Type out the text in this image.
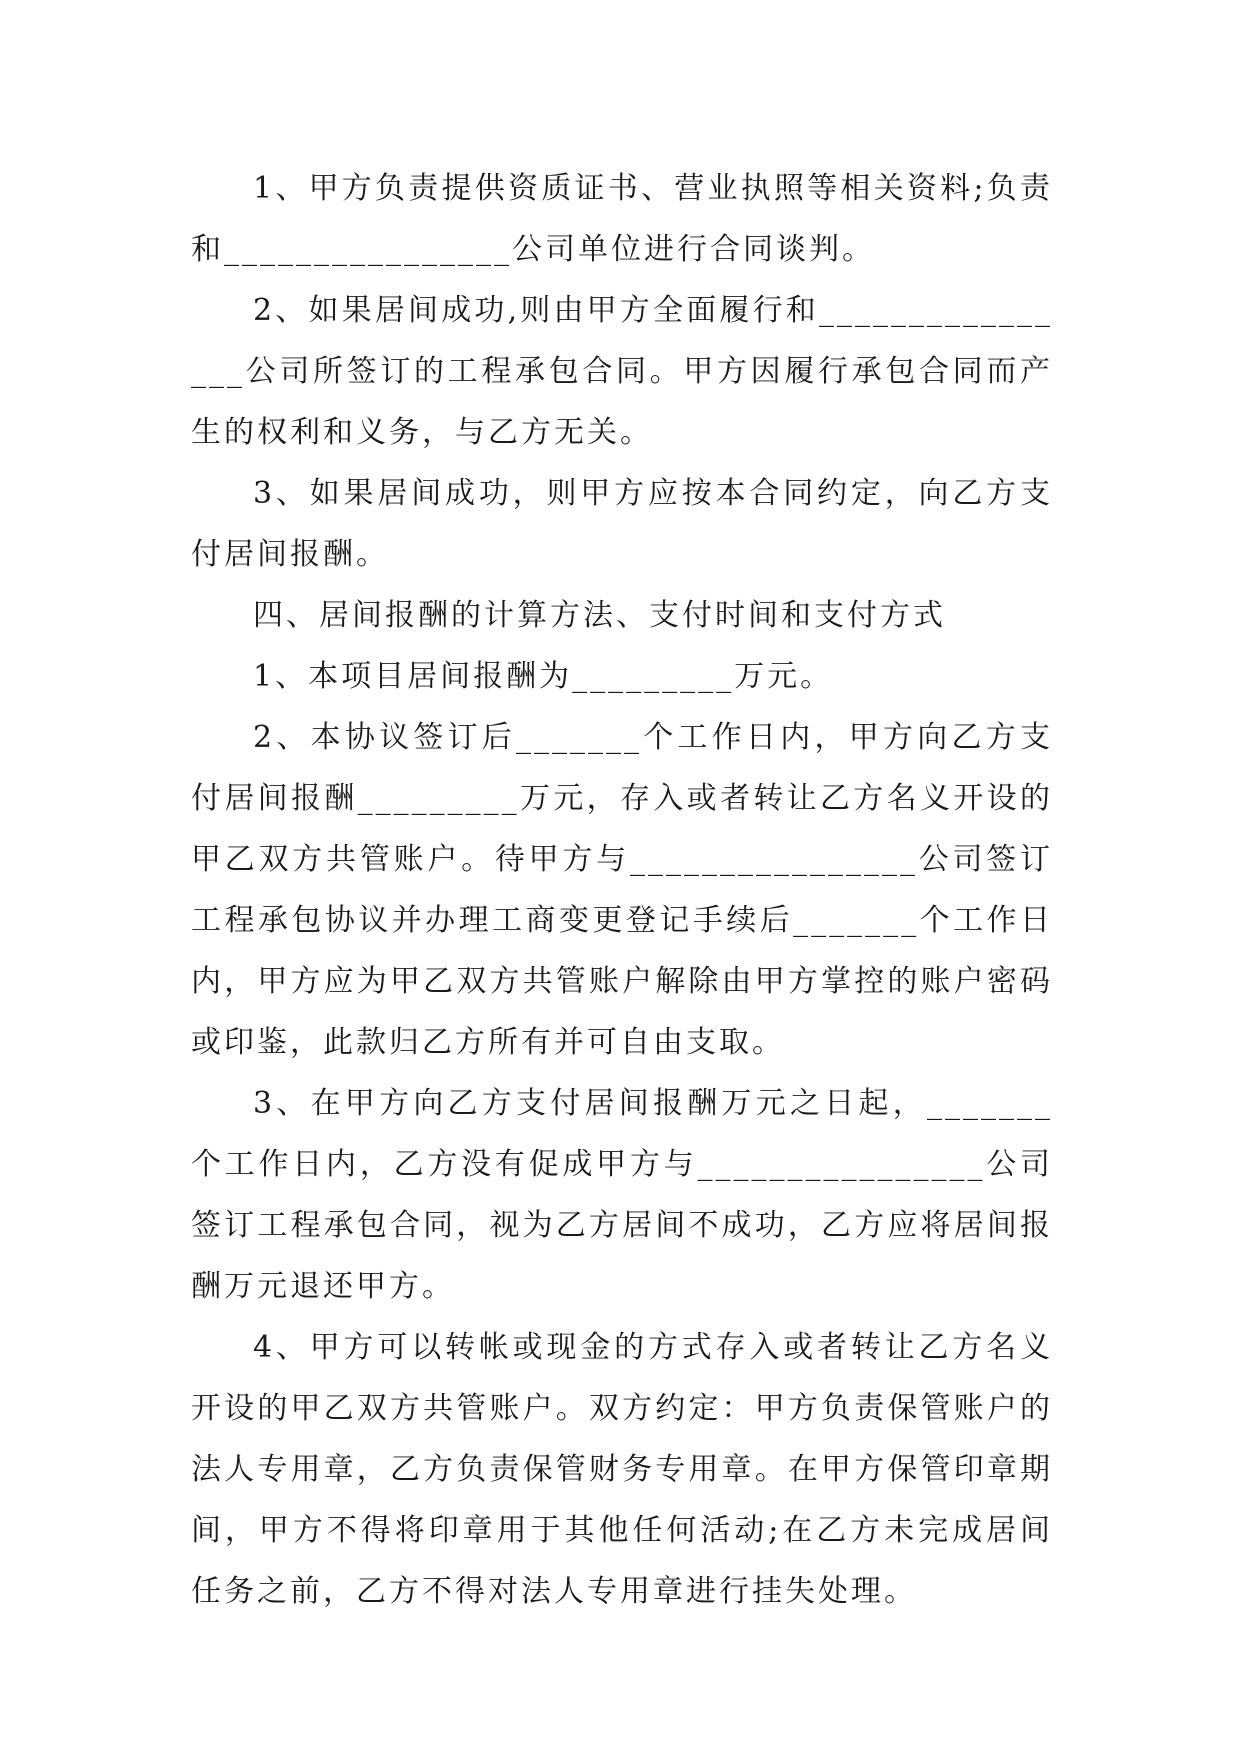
1、甲方负责提供资质证书、营业执照等相关资料;负责和________________公司单位进行合同谈判。

2、如果居间成功,则由甲方全面履行和________________公司所签订的工程承包合同。甲方因履行承包合同而产生的权利和义务，与乙方无关。

3、如果居间成功，则甲方应按本合同约定，向乙方支付居间报酬。

四、居间报酬的计算方法、支付时间和支付方式

1、本项目居间报酬为_________万元。

2、本协议签订后_______个工作日内，甲方向乙方支付居间报酬_________万元，存入或者转让乙方名义开设的甲乙双方共管账户。待甲方与________________公司签订工程承包协议并办理工商变更登记手续后_______个工作日内，甲方应为甲乙双方共管账户解除由甲方掌控的账户密码或印鉴，此款归乙方所有并可自由支取。

3、在甲方向乙方支付居间报酬万元之日起，_______个工作日内，乙方没有促成甲方与________________公司签订工程承包合同，视为乙方居间不成功，乙方应将居间报酬万元退还甲方。

4、甲方可以转帐或现金的方式存入或者转让乙方名义开设的甲乙双方共管账户。双方约定：甲方负责保管账户的法人专用章，乙方负责保管财务专用章。在甲方保管印章期间，甲方不得将印章用于其他任何活动;在乙方未完成居间任务之前，乙方不得对法人专用章进行挂失处理。
